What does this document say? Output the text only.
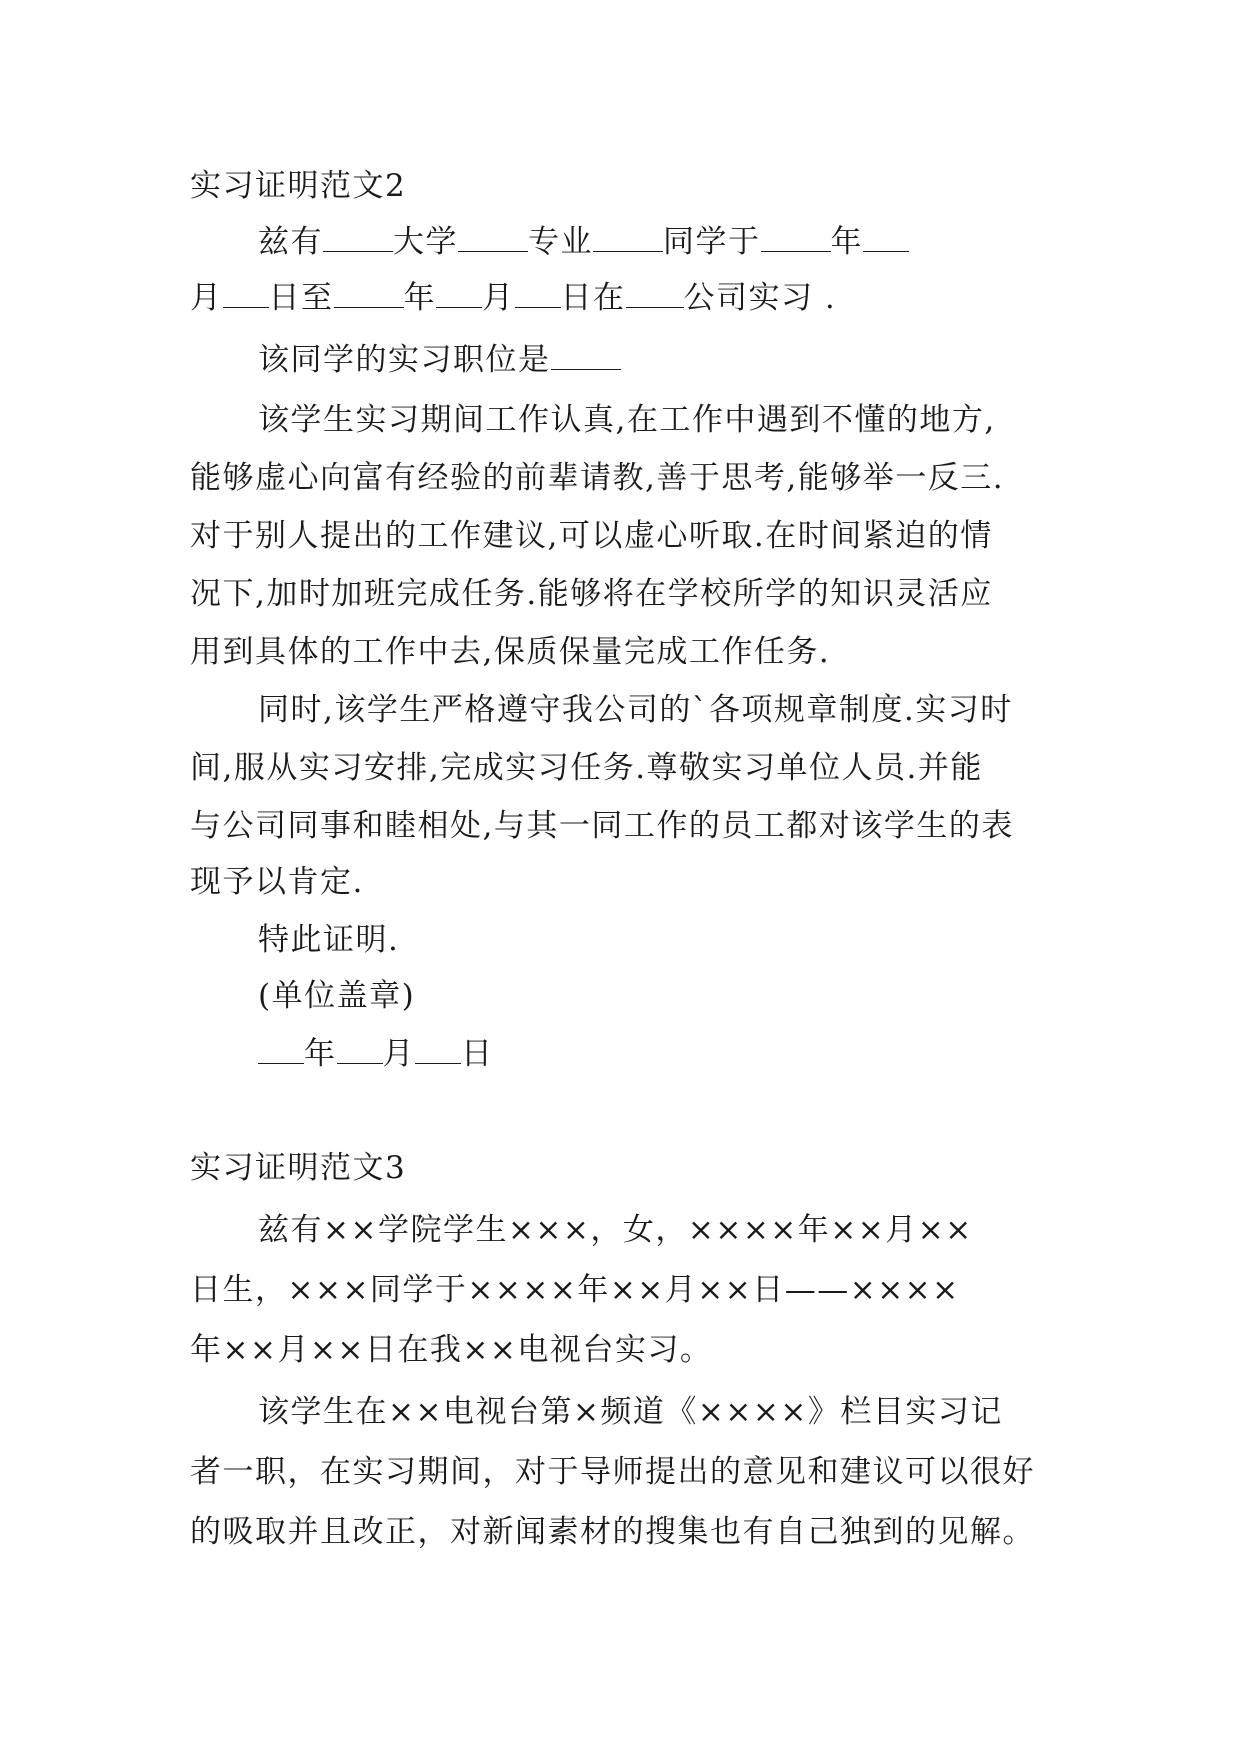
实习证明范文2
兹有 大学 专业 同学于 年
月 日至 年 月 日在 公司实习 .
该同学的实习职位是
该学生实习期间工作认真,在工作中遇到不懂的地方,
能够虚心向富有经验的前辈请教,善于思考,能够举一反三.
对于别人提出的工作建议,可以虚心听取.在时间紧迫的情
况下,加时加班完成任务.能够将在学校所学的知识灵活应
用到具体的工作中去,保质保量完成工作任务.
同时,该学生严格遵守我公司的`各项规章制度.实习时
间,服从实习安排,完成实习任务.尊敬实习单位人员.并能
与公司同事和睦相处,与其一同工作的员工都对该学生的表
现予以肯定.
特此证明.
(单位盖章)
年 月 日
实习证明范文3
兹有××学院学生×××，女，××××年××月××
日生，×××同学于××××年××月××日——××××
年××月××日在我××电视台实习。
该学生在××电视台第×频道《××××》栏目实习记
者一职，在实习期间，对于导师提出的意见和建议可以很好
的吸取并且改正，对新闻素材的搜集也有自己独到的见解。
